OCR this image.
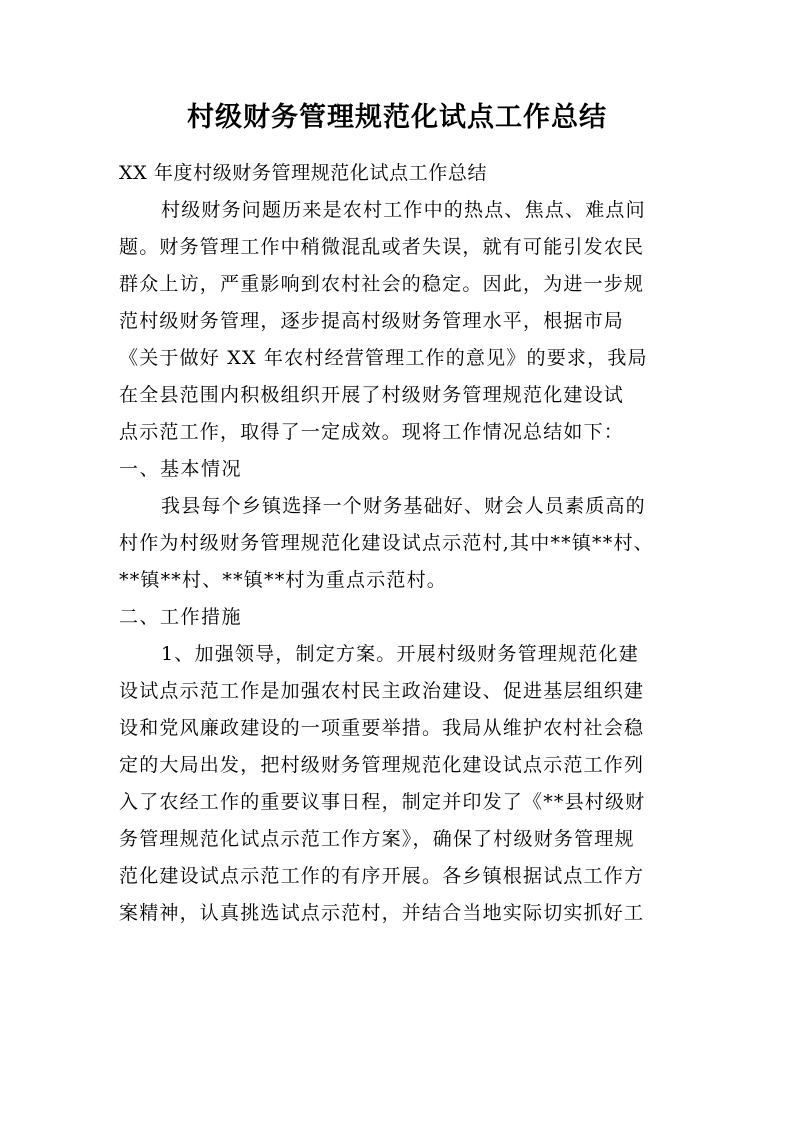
村级财务管理规范化试点工作总结
XX 年度村级财务管理规范化试点工作总结
村级财务问题历来是农村工作中的热点、焦点、难点问
题。财务管理工作中稍微混乱或者失误，就有可能引发农民
群众上访，严重影响到农村社会的稳定。因此，为进一步规
范村级财务管理，逐步提高村级财务管理水平，根据市局
《关于做好 XX 年农村经营管理工作的意见》的要求，我局
在全县范围内积极组织开展了村级财务管理规范化建设试
点示范工作，取得了一定成效。现将工作情况总结如下：
一、基本情况
我县每个乡镇选择一个财务基础好、财会人员素质高的
村作为村级财务管理规范化建设试点示范村,其中**镇**村、
**镇**村、**镇**村为重点示范村。
二、工作措施
1、加强领导，制定方案。开展村级财务管理规范化建
设试点示范工作是加强农村民主政治建设、促进基层组织建
设和党风廉政建设的一项重要举措。我局从维护农村社会稳
定的大局出发，把村级财务管理规范化建设试点示范工作列
入了农经工作的重要议事日程，制定并印发了《**县村级财
务管理规范化试点示范工作方案》，确保了村级财务管理规
范化建设试点示范工作的有序开展。各乡镇根据试点工作方
案精神，认真挑选试点示范村，并结合当地实际切实抓好工
